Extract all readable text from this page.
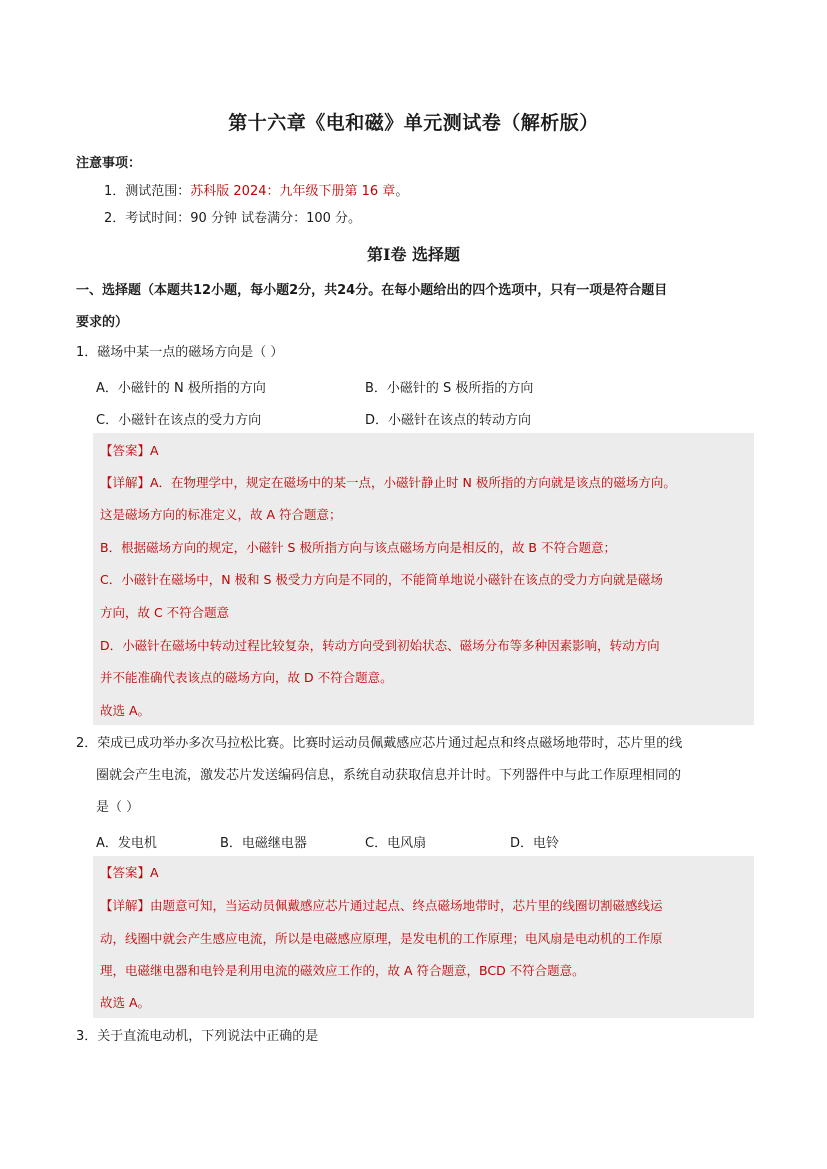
第十六章《电和磁》单元测试卷（解析版）
注意事项：
1．测试范围：苏科版 2024：九年级下册第 16 章。
2．考试时间：90 分钟 试卷满分：100 分。
第Ⅰ卷 选择题
一、选择题（本题共12小题，每小题2分，共24分。在每小题给出的四个选项中，只有一项是符合题目
要求的）
1．磁场中某一点的磁场方向是（ ）
A．小磁针的 N 极所指的方向	B．小磁针的 S 极所指的方向
C．小磁针在该点的受力方向	D．小磁针在该点的转动方向
【答案】A
【详解】A．在物理学中，规定在磁场中的某一点，小磁针静止时 N 极所指的方向就是该点的磁场方向。
这是磁场方向的标准定义，故 A 符合题意；
B．根据磁场方向的规定，小磁针 S 极所指方向与该点磁场方向是相反的，故 B 不符合题意；
C．小磁针在磁场中，N 极和 S 极受力方向是不同的，不能简单地说小磁针在该点的受力方向就是磁场
方向，故 C 不符合题意
D．小磁针在磁场中转动过程比较复杂，转动方向受到初始状态、磁场分布等多种因素影响，转动方向
并不能准确代表该点的磁场方向，故 D 不符合题意。
故选 A。
2．荣成已成功举办多次马拉松比赛。比赛时运动员佩戴感应芯片通过起点和终点磁场地带时，芯片里的线
圈就会产生电流，激发芯片发送编码信息，系统自动获取信息并计时。下列器件中与此工作原理相同的
是（ ）
A．发电机	B．电磁继电器	C．电风扇	D．电铃
【答案】A
【详解】由题意可知，当运动员佩戴感应芯片通过起点、终点磁场地带时，芯片里的线圈切割磁感线运
动，线圈中就会产生感应电流，所以是电磁感应原理，是发电机的工作原理；电风扇是电动机的工作原
理，电磁继电器和电铃是利用电流的磁效应工作的，故 A 符合题意，BCD 不符合题意。
故选 A。
3．关于直流电动机，下列说法中正确的是
